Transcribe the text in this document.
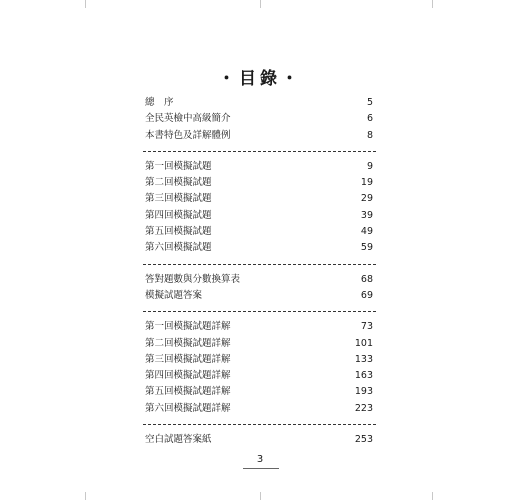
・目錄・
總　序	5
全民英檢中高級簡介	6
本書特色及詳解體例	8
第一回模擬試題	9
第二回模擬試題	19
第三回模擬試題	29
第四回模擬試題	39
第五回模擬試題	49
第六回模擬試題	59
答對題數與分數換算表	68
模擬試題答案	69
第一回模擬試題詳解	73
第二回模擬試題詳解	101
第三回模擬試題詳解	133
第四回模擬試題詳解	163
第五回模擬試題詳解	193
第六回模擬試題詳解	223
空白試題答案紙	253
3
